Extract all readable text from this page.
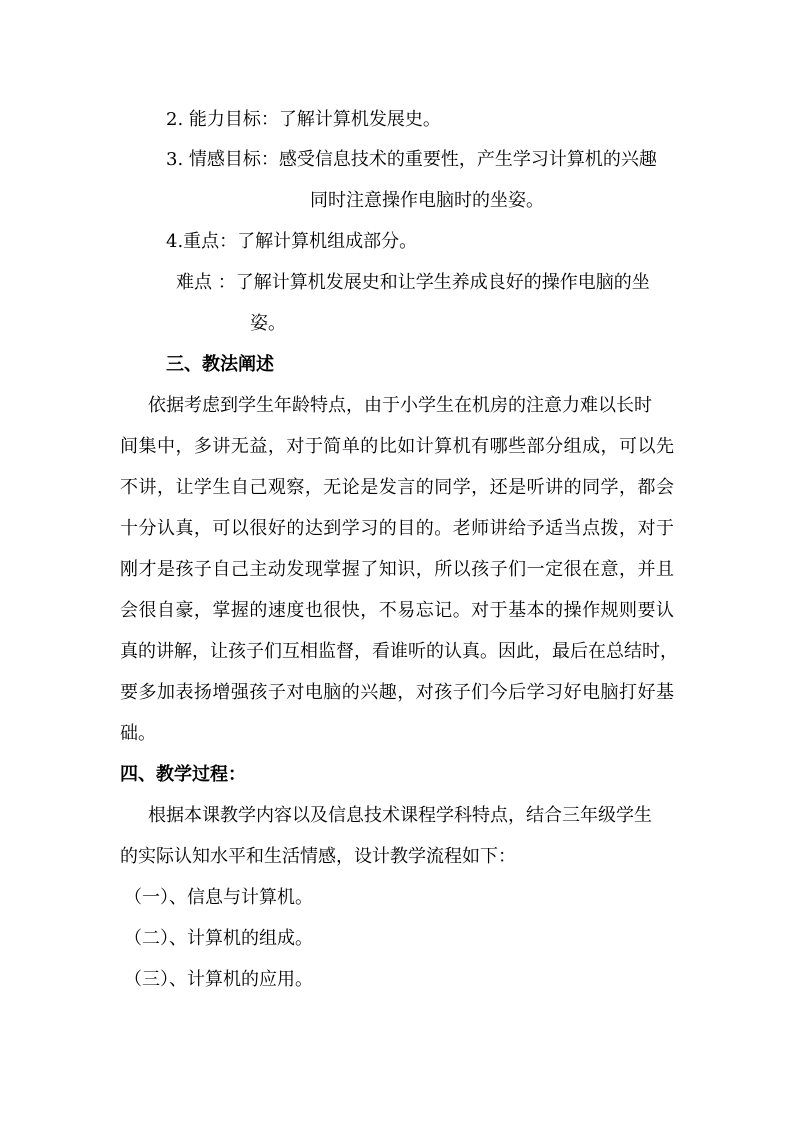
2. 能力目标：了解计算机发展史。
3. 情感目标：感受信息技术的重要性，产生学习计算机的兴趣
同时注意操作电脑时的坐姿。
4.重点：了解计算机组成部分。
难点 ：了解计算机发展史和让学生养成良好的操作电脑的坐
姿。
三、教法阐述
依据考虑到学生年龄特点，由于小学生在机房的注意力难以长时
间集中，多讲无益，对于简单的比如计算机有哪些部分组成，可以先
不讲，让学生自己观察，无论是发言的同学，还是听讲的同学，都会
十分认真，可以很好的达到学习的目的。老师讲给予适当点拨，对于
刚才是孩子自己主动发现掌握了知识，所以孩子们一定很在意，并且
会很自豪，掌握的速度也很快，不易忘记。对于基本的操作规则要认
真的讲解，让孩子们互相监督，看谁听的认真。因此，最后在总结时，
要多加表扬增强孩子对电脑的兴趣，对孩子们今后学习好电脑打好基
础。
四、教学过程：
根据本课教学内容以及信息技术课程学科特点，结合三年级学生
的实际认知水平和生活情感，设计教学流程如下：
（一）、信息与计算机。
（二）、计算机的组成。
（三）、计算机的应用。
